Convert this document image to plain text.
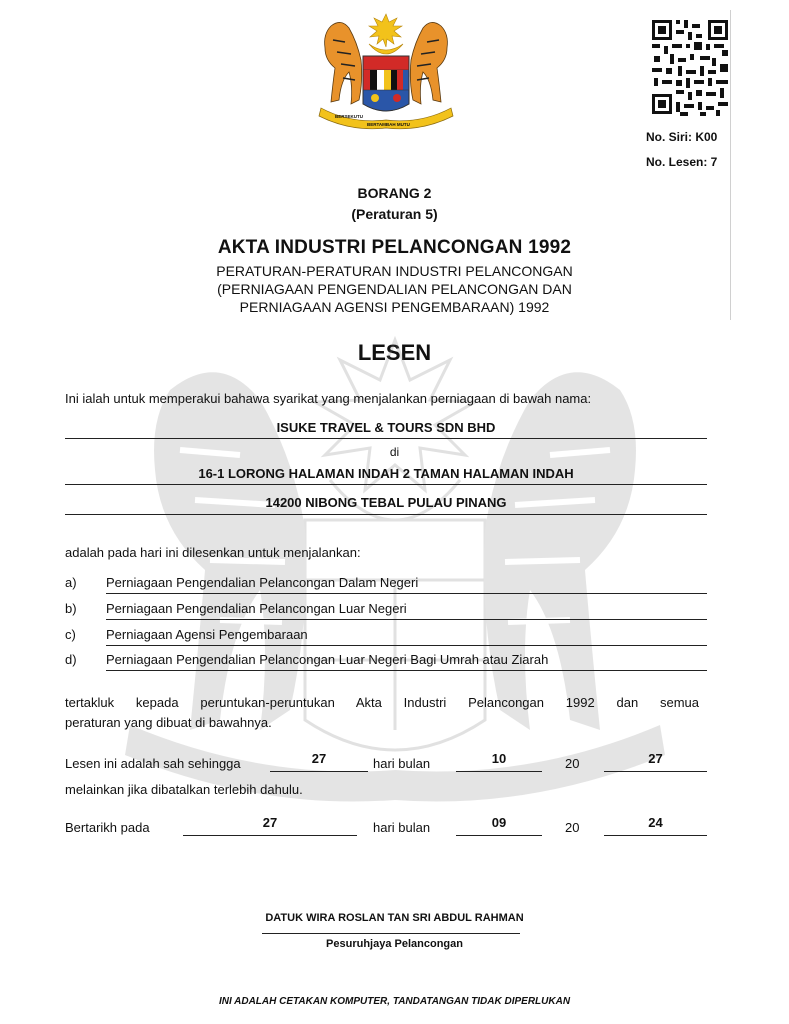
BERSEKUTU
BERTAMBAH MUTU
No. Siri: K00
No. Lesen: 7
BORANG 2
(Peraturan 5)
AKTA INDUSTRI PELANCONGAN 1992
PERATURAN-PERATURAN INDUSTRI PELANCONGAN
(PERNIAGAAN PENGENDALIAN PELANCONGAN DAN
PERNIAGAAN AGENSI PENGEMBARAAN) 1992
LESEN
Ini ialah untuk memperakui bahawa syarikat yang menjalankan perniagaan di bawah nama:
ISUKE TRAVEL & TOURS SDN BHD
di
16-1 LORONG HALAMAN INDAH 2 TAMAN HALAMAN INDAH
14200 NIBONG TEBAL PULAU PINANG
adalah pada hari ini dilesenkan untuk menjalankan:
a) Perniagaan Pengendalian Pelancongan Dalam Negeri
b) Perniagaan Pengendalian Pelancongan Luar Negeri
c) Perniagaan Agensi Pengembaraan
d) Perniagaan Pengendalian Pelancongan Luar Negeri Bagi Umrah atau Ziarah
tertakluk kepada peruntukan-peruntukan Akta Industri Pelancongan 1992 dan semua
peraturan yang dibuat di bawahnya.
Lesen ini adalah sah sehingga	27	hari bulan	10	20	27
melainkan jika dibatalkan terlebih dahulu.
Bertarikh pada	27	hari bulan	09	20	24
DATUK WIRA ROSLAN TAN SRI ABDUL RAHMAN
Pesuruhjaya Pelancongan
INI ADALAH CETAKAN KOMPUTER, TANDATANGAN TIDAK DIPERLUKAN
